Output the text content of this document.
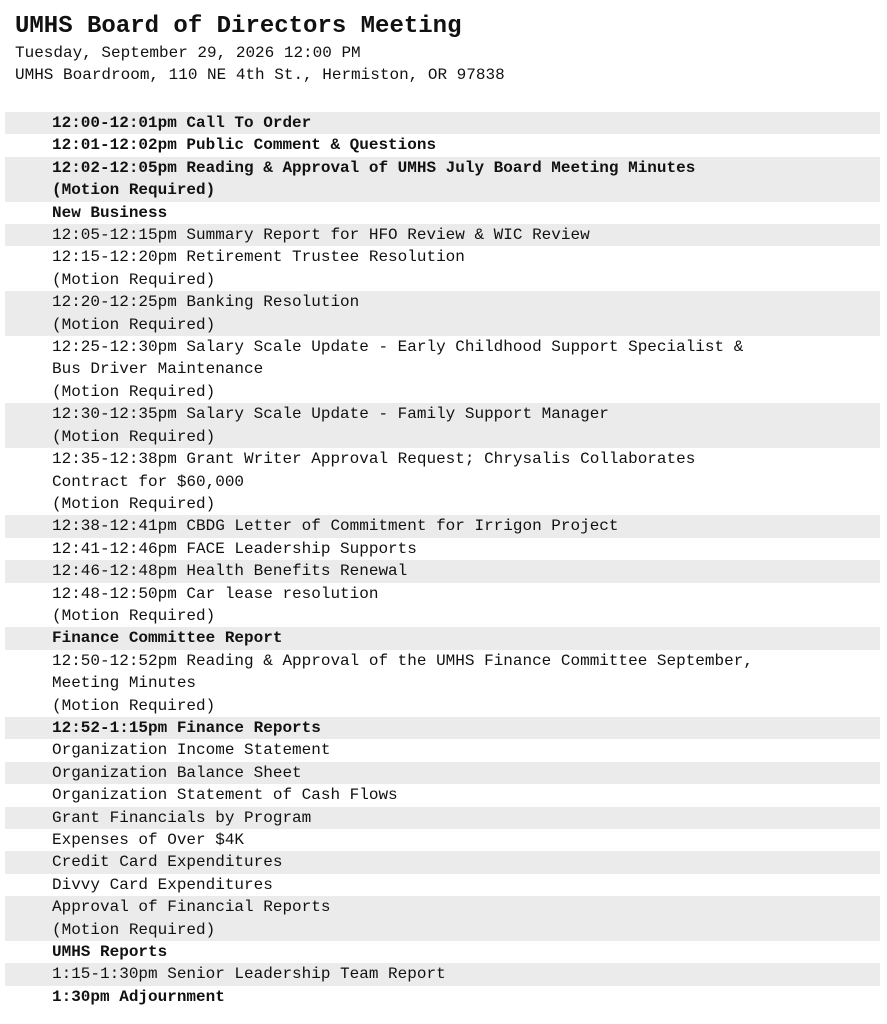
UMHS Board of Directors Meeting
Tuesday, September 29, 2026 12:00 PM
UMHS Boardroom, 110 NE 4th St., Hermiston, OR 97838
12:00-12:01pm Call To Order
12:01-12:02pm Public Comment & Questions
12:02-12:05pm Reading & Approval of UMHS July Board Meeting Minutes
(Motion Required)
New Business
12:05-12:15pm Summary Report for HFO Review & WIC Review
12:15-12:20pm Retirement Trustee Resolution
(Motion Required)
12:20-12:25pm Banking Resolution
(Motion Required)
12:25-12:30pm Salary Scale Update - Early Childhood Support Specialist &
Bus Driver Maintenance
(Motion Required)
12:30-12:35pm Salary Scale Update - Family Support Manager
(Motion Required)
12:35-12:38pm Grant Writer Approval Request; Chrysalis Collaborates
Contract for $60,000
(Motion Required)
12:38-12:41pm CBDG Letter of Commitment for Irrigon Project
12:41-12:46pm FACE Leadership Supports
12:46-12:48pm Health Benefits Renewal
12:48-12:50pm Car lease resolution
(Motion Required)
Finance Committee Report
12:50-12:52pm Reading & Approval of the UMHS Finance Committee September,
Meeting Minutes
(Motion Required)
12:52-1:15pm Finance Reports
Organization Income Statement
Organization Balance Sheet
Organization Statement of Cash Flows
Grant Financials by Program
Expenses of Over $4K
Credit Card Expenditures
Divvy Card Expenditures
Approval of Financial Reports
(Motion Required)
UMHS Reports
1:15-1:30pm Senior Leadership Team Report
1:30pm Adjournment
